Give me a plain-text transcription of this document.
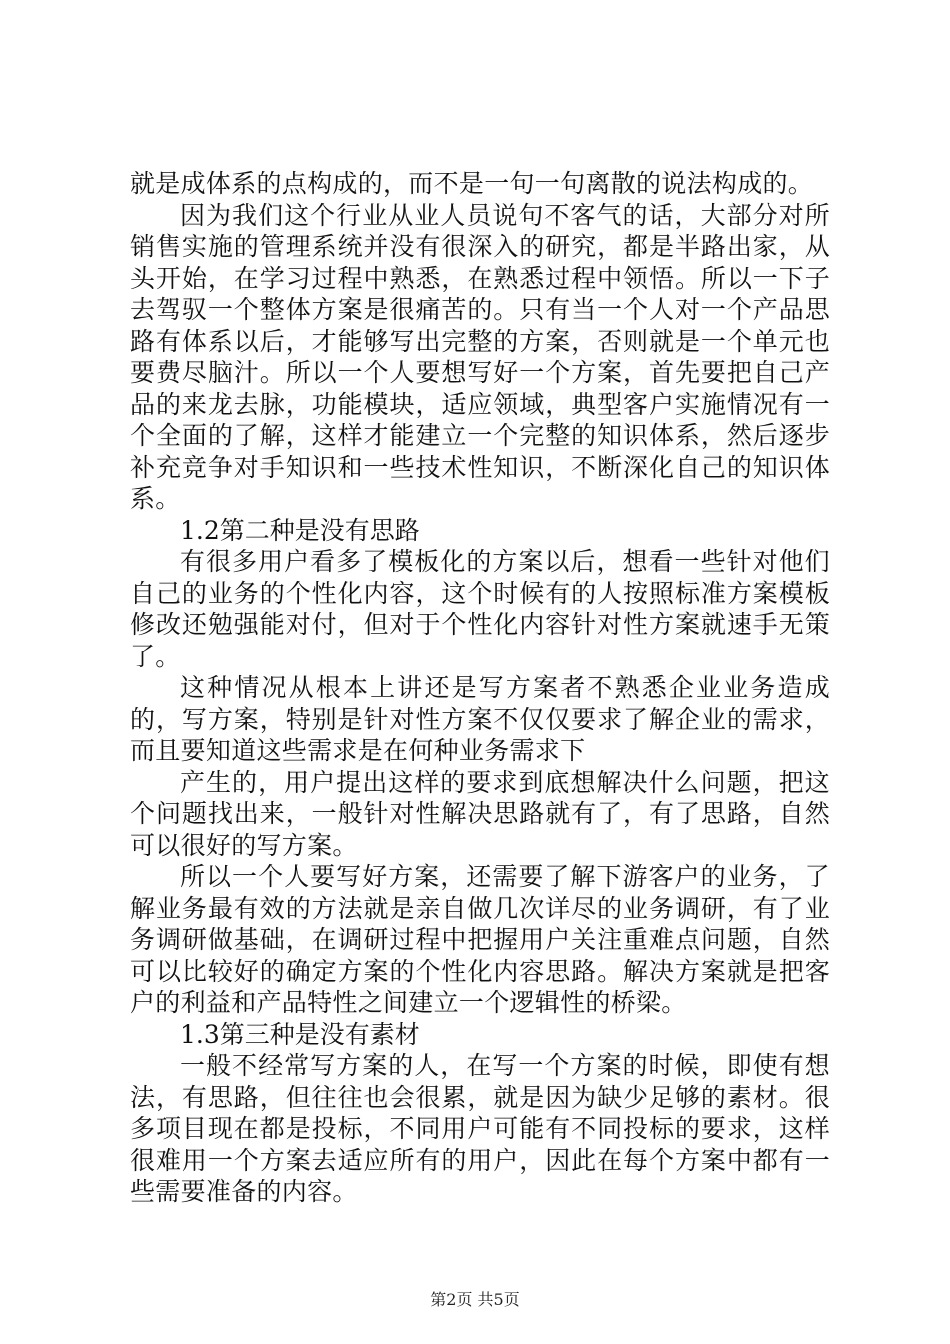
就是成体系的点构成的，而不是一句一句离散的说法构成的。

因为我们这个行业从业人员说句不客气的话，大部分对所销售实施的管理系统并没有很深入的研究，都是半路出家，从头开始，在学习过程中熟悉，在熟悉过程中领悟。所以一下子去驾驭一个整体方案是很痛苦的。只有当一个人对一个产品思路有体系以后，才能够写出完整的方案，否则就是一个单元也要费尽脑汁。所以一个人要想写好一个方案，首先要把自己产品的来龙去脉，功能模块，适应领域，典型客户实施情况有一个全面的了解，这样才能建立一个完整的知识体系，然后逐步补充竞争对手知识和一些技术性知识，不断深化自己的知识体系。

1.2第二种是没有思路

有很多用户看多了模板化的方案以后，想看一些针对他们自己的业务的个性化内容，这个时候有的人按照标准方案模板修改还勉强能对付，但对于个性化内容针对性方案就速手无策了。

这种情况从根本上讲还是写方案者不熟悉企业业务造成的，写方案，特别是针对性方案不仅仅要求了解企业的需求，而且要知道这些需求是在何种业务需求下

产生的，用户提出这样的要求到底想解决什么问题，把这个问题找出来，一般针对性解决思路就有了，有了思路，自然可以很好的写方案。

所以一个人要写好方案，还需要了解下游客户的业务，了解业务最有效的方法就是亲自做几次详尽的业务调研，有了业务调研做基础，在调研过程中把握用户关注重难点问题，自然可以比较好的确定方案的个性化内容思路。解决方案就是把客户的利益和产品特性之间建立一个逻辑性的桥梁。

1.3第三种是没有素材

一般不经常写方案的人，在写一个方案的时候，即使有想法，有思路，但往往也会很累，就是因为缺少足够的素材。很多项目现在都是投标，不同用户可能有不同投标的要求，这样很难用一个方案去适应所有的用户，因此在每个方案中都有一些需要准备的内容。

第2页 共5页
